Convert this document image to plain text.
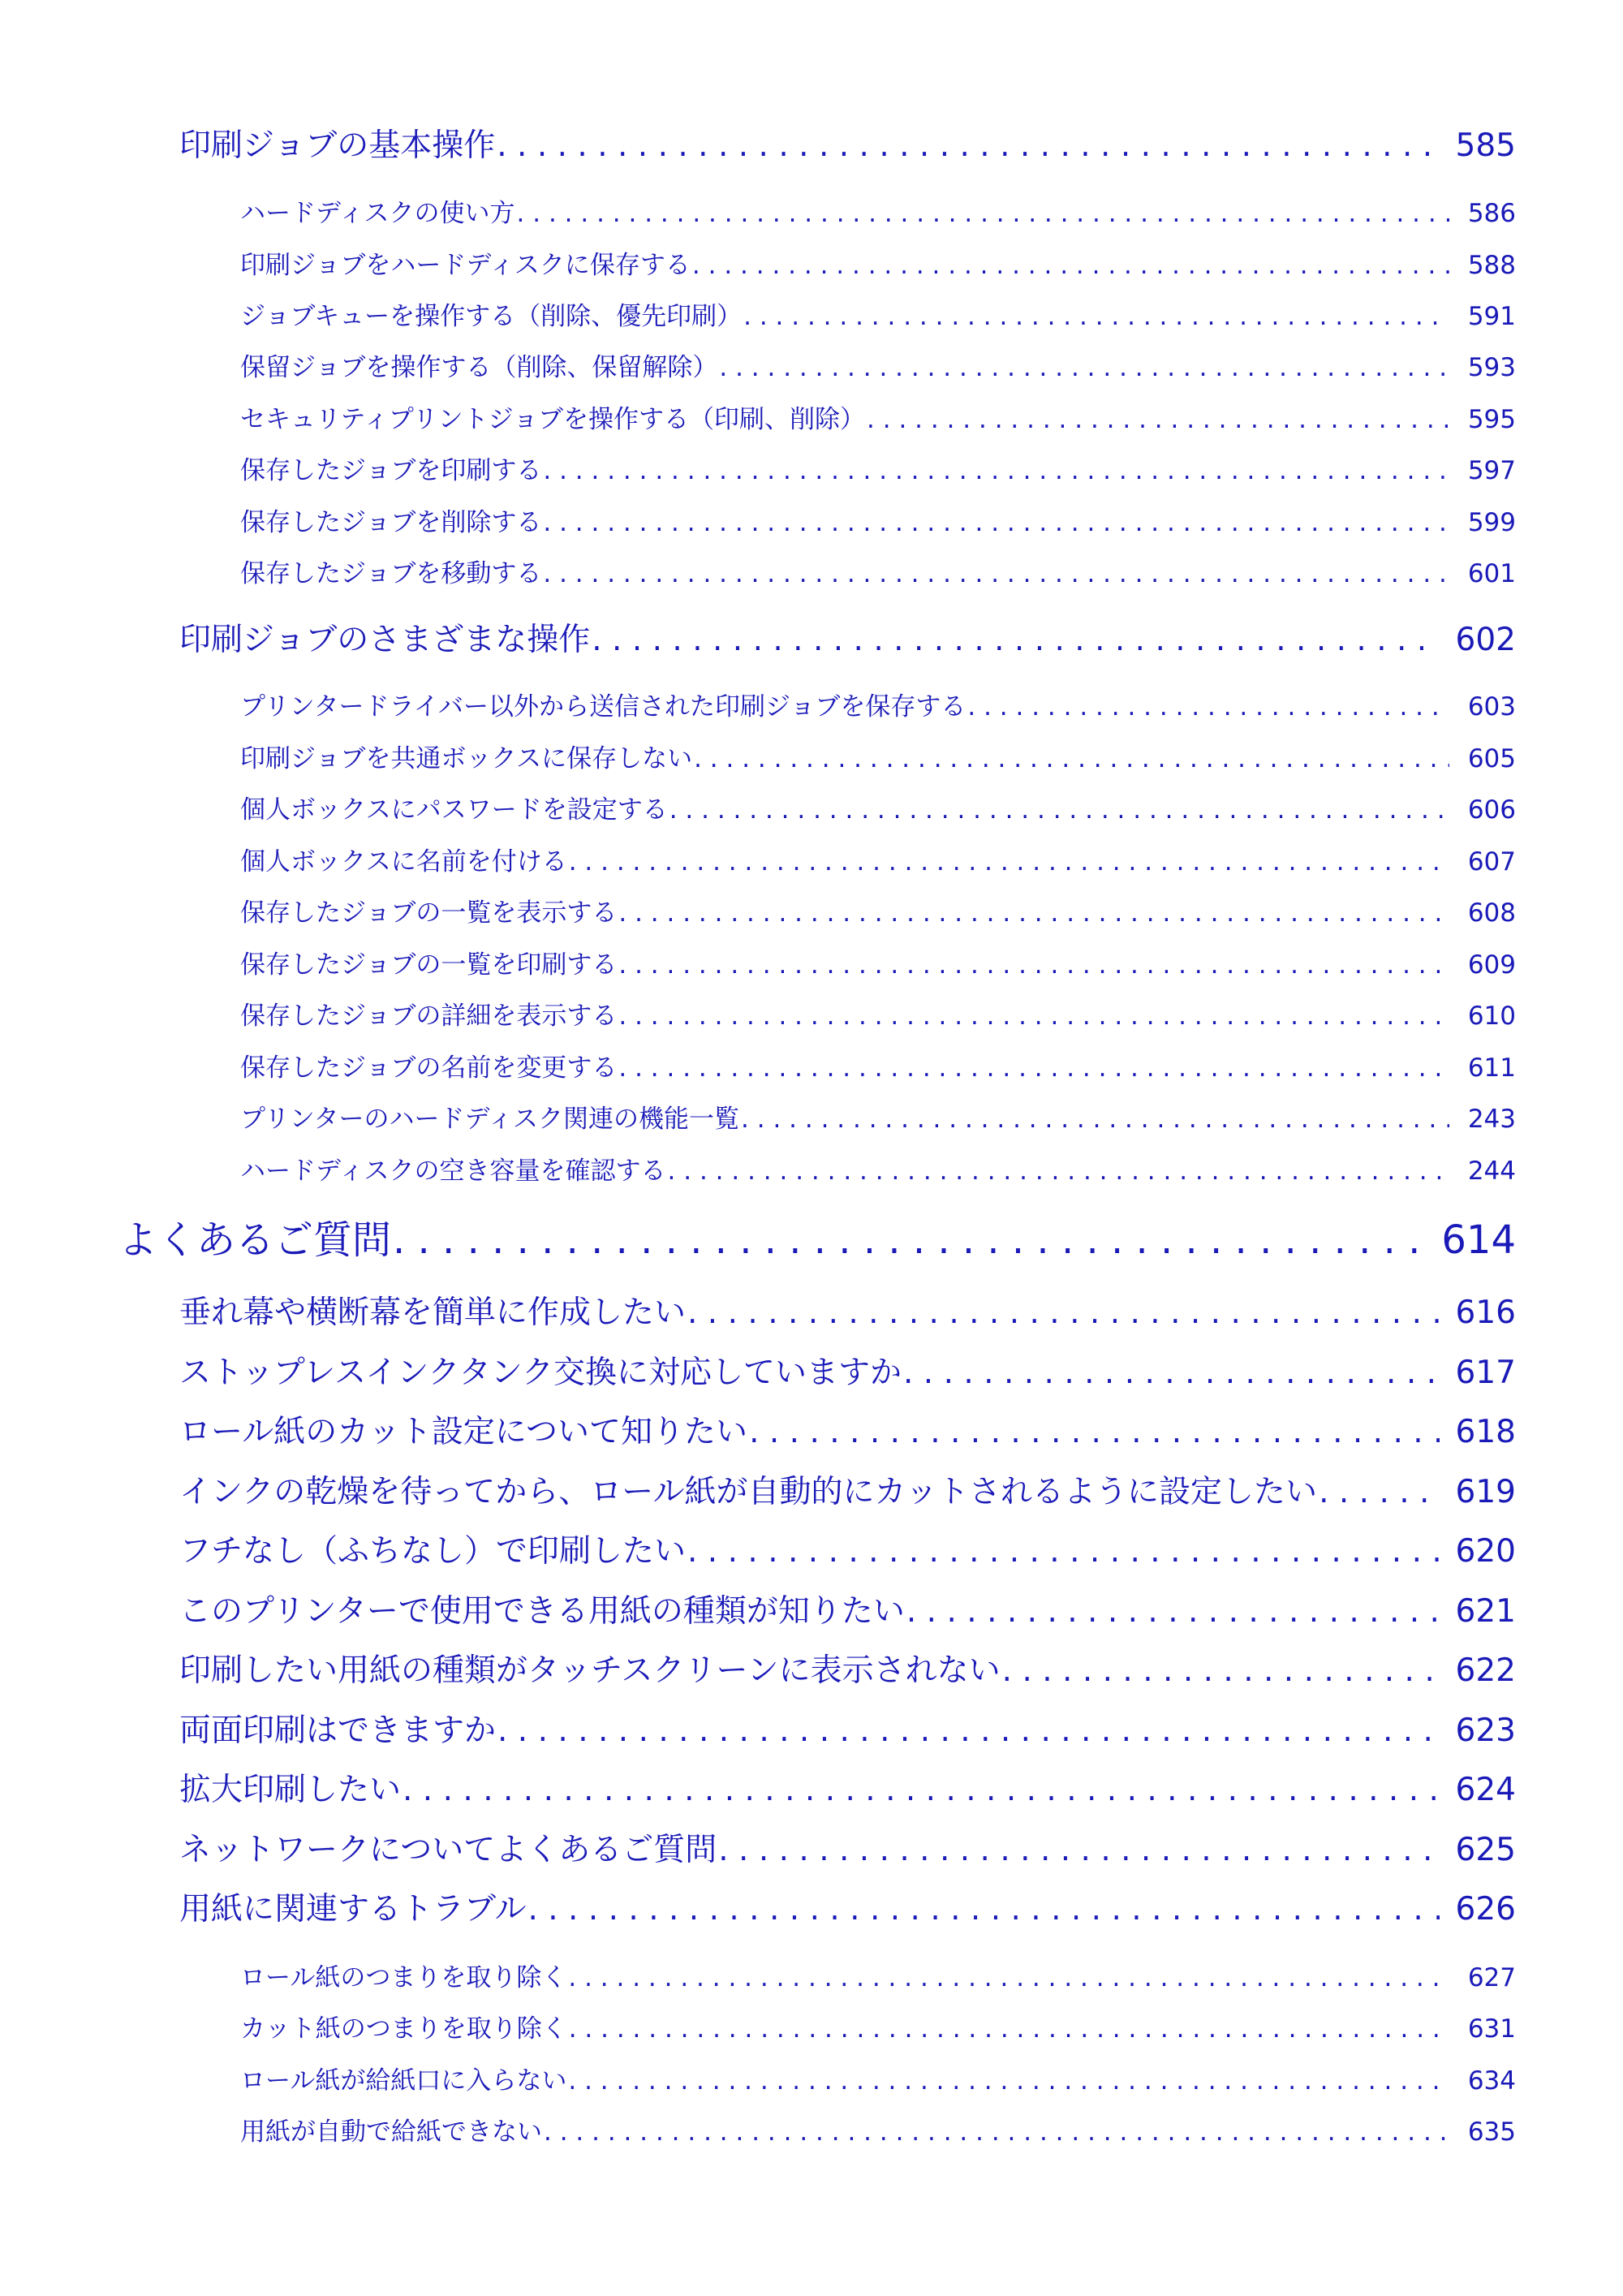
印刷ジョブの基本操作 . . .	585
ハードディスクの使い方 . . .	586
印刷ジョブをハードディスクに保存する . . .	588
ジョブキューを操作する（削除、優先印刷） . . .	591
保留ジョブを操作する（削除、保留解除） . . .	593
セキュリティプリントジョブを操作する（印刷、削除） . . .	595
保存したジョブを印刷する . . .	597
保存したジョブを削除する . . .	599
保存したジョブを移動する . . .	601
印刷ジョブのさまざまな操作 . . .	602
プリンタードライバー以外から送信された印刷ジョブを保存する . . .	603
印刷ジョブを共通ボックスに保存しない . . .	605
個人ボックスにパスワードを設定する . . .	606
個人ボックスに名前を付ける . . .	607
保存したジョブの一覧を表示する . . .	608
保存したジョブの一覧を印刷する . . .	609
保存したジョブの詳細を表示する . . .	610
保存したジョブの名前を変更する . . .	611
プリンターのハードディスク関連の機能一覧 . . .	243
ハードディスクの空き容量を確認する . . .	244
よくあるご質問 . . .	614
垂れ幕や横断幕を簡単に作成したい . . .	616
ストップレスインクタンク交換に対応していますか . . .	617
ロール紙のカット設定について知りたい . . .	618
インクの乾燥を待ってから、ロール紙が自動的にカットされるように設定したい . . .	619
フチなし（ふちなし）で印刷したい . . .	620
このプリンターで使用できる用紙の種類が知りたい . . .	621
印刷したい用紙の種類がタッチスクリーンに表示されない . . .	622
両面印刷はできますか . . .	623
拡大印刷したい . . .	624
ネットワークについてよくあるご質問 . . .	625
用紙に関連するトラブル . . .	626
ロール紙のつまりを取り除く . . .	627
カット紙のつまりを取り除く . . .	631
ロール紙が給紙口に入らない . . .	634
用紙が自動で給紙できない . . .	635
